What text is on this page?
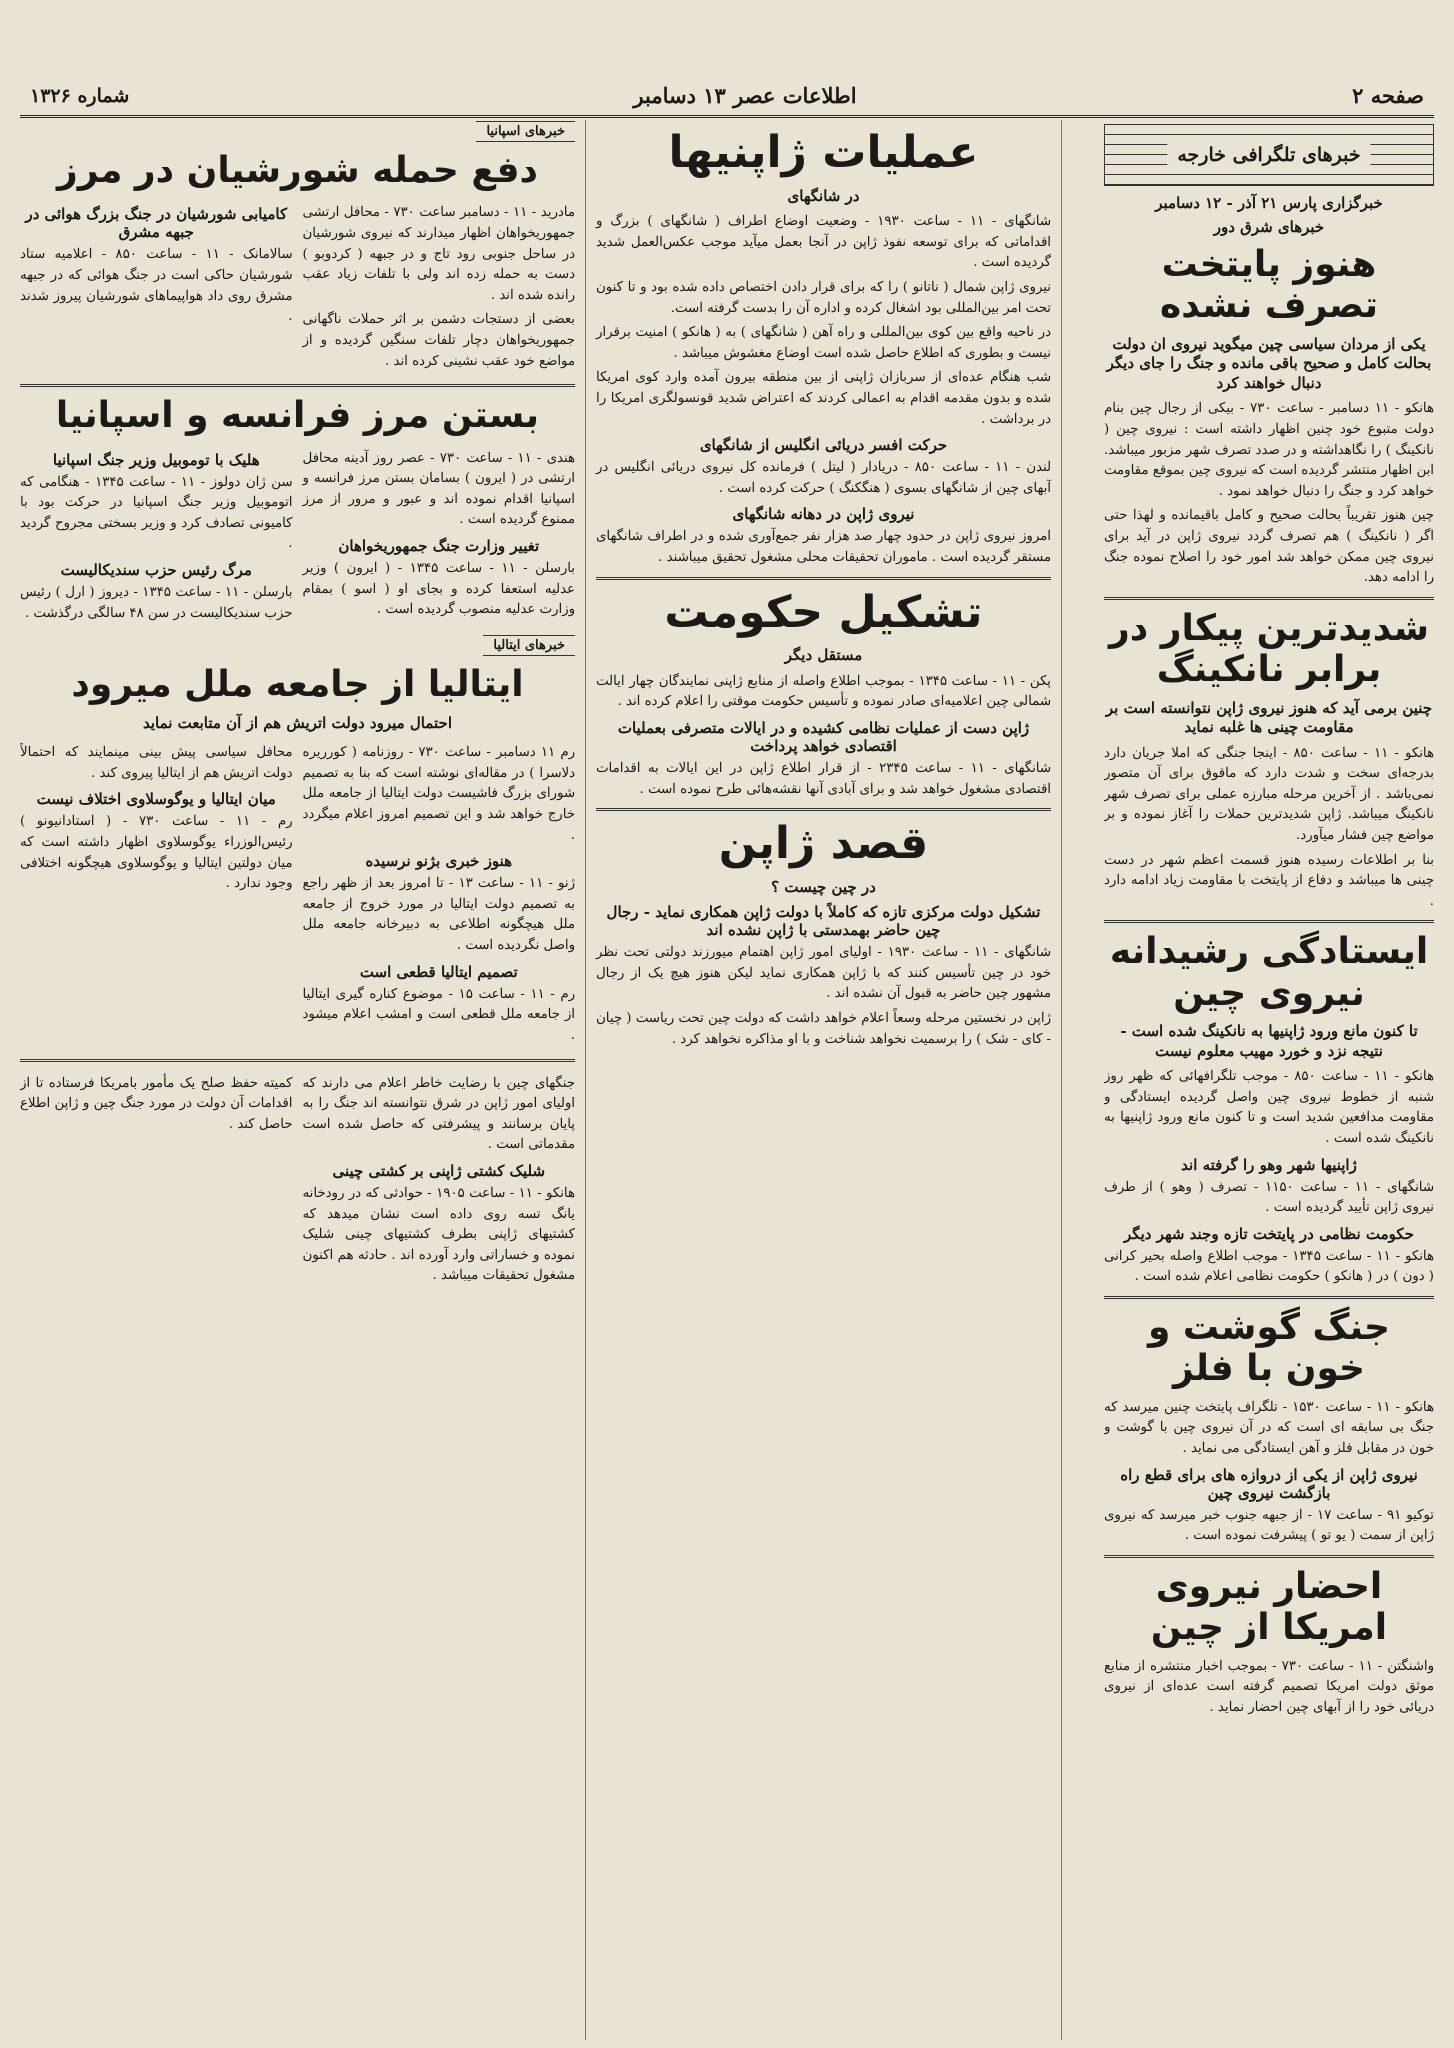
صفحه ۲
اطلاعات عصر ۱۳ دسامبر
شماره ۱۳۲۶
خبرهای تلگرافی خارجه
خبرگزاری پارس ۲۱ آذر - ۱۲ دسامبر
خبرهای شرق دور
هنوز پایتخت تصرف نشده
یکی از مردان سیاسی چین میگوید نیروی ان دولت بحالت کامل و صحیح باقی مانده و جنگ را جای دیگر دنبال خواهند کرد

هانکو - ۱۱ دسامبر - ساعت ۷۳۰ - بیکی از رجال چین بنام دولت متبوع خود چنین اظهار داشته است : نیروی چین ( نانکینگ ) را نگاهداشته و در صدد تصرف شهر مزبور میباشد. ابن اظهار منتشر گردیده است که نیروی چین بموقع مقاومت خواهد کرد و جنگ را دنبال خواهد نمود .

چین هنوز تقریباً بحالت صحیح و کامل باقیمانده و لهذا حتی اگر ( نانکینگ ) هم تصرف گردد نیروی ژاپن در آید برای نیروی چین ممکن خواهد شد امور خود را اصلاح نموده جنگ را ادامه دهد.

شدیدترین پیکار در برابر نانکینگ
چنین برمی آید که هنوز نیروی ژاپن نتوانسته است بر مقاومت چینی ها غلبه نماید

هانکو - ۱۱ - ساعت ۸۵۰ - اینجا جنگی که املا جریان دارد بدرجه‌ای سخت و شدت دارد که ماقوق برای آن متصور نمی‌باشد . از آخرین مرحله مبارزه عملی برای تصرف شهر نانکینگ میباشد. ژاپن شدیدترین حملات را آغاز نموده و بر مواضع چین فشار میآورد.

بنا بر اطلاعات رسیده هنوز قسمت اعظم شهر در دست چینی ها میباشد و دفاع از پایتخت با مقاومت زیاد ادامه دارد .

ایستادگی رشیدانه نیروی چین
تا کنون مانع ورود ژاپنیها به نانکینگ شده است - نتیجه نزد و خورد مهیب معلوم نیست

هانکو - ۱۱ - ساعت ۸۵۰ - موجب تلگرافهائی که ظهر روز شنبه از خطوط نیروی چین واصل گردیده ایستادگی و مقاومت مدافعین شدید است و تا کنون مانع ورود ژاپنیها به نانکینگ شده است .

ژاپنیها شهر وهو را گرفته اند

شانگهای - ۱۱ - ساعت ۱۱۵۰ - تصرف ( وهو ) از طرف نیروی ژاپن تأیید گردیده است .

حکومت نظامی در پایتخت تازه وجند شهر دیگر

هانکو - ۱۱ - ساعت ۱۳۴۵ - موجب اطلاع واصله بحیر کرانی ( دون ) در ( هانکو ) حکومت نظامی اعلام شده است .

جنگ گوشت و خون با فلز

هانکو - ۱۱ - ساعت ۱۵۳۰ - تلگراف پایتخت چنین میرسد که جنگ بی سابقه ای است که در آن نیروی چین با گوشت و خون در مقابل فلز و آهن ایستادگی می نماید .

نیروی ژاپن از یکی از دروازه های برای قطع راه بازگشت نیروی چین

توکیو ۹۱ - ساعت ۱۷ - از جبهه جنوب خبر میرسد که نیروی ژاپن از سمت ( یو تو ) پیشرفت نموده است .

احضار نیروی امریکا از چین

واشنگتن - ۱۱ - ساعت ۷۳۰ - بموجب اخبار منتشره از منابع موثق دولت امریکا تصمیم گرفته است عده‌ای از نیروی دریائی خود را از آبهای چین احضار نماید .

عملیات ژاپنیها
در شانگهای

شانگهای - ۱۱ - ساعت ۱۹۳۰ - وضعیت اوضاع اطراف ( شانگهای ) بزرگ و اقداماتی که برای توسعه نفوذ ژاپن در آنجا بعمل میآید موجب عکس‌العمل شدید گردیده است .

نیروی ژاپن شمال ( ناتانو ) را که برای قرار دادن اختصاص داده شده بود و تا کنون تحت امر بین‌المللی بود اشغال کرده و اداره آن را بدست گرفته است.

در ناحیه واقع بین کوی بین‌المللی و راه آهن ( شانگهای ) به ( هانکو ) امنیت برقرار نیست و بطوری که اطلاع حاصل شده است اوضاع مغشوش میباشد .

شب هنگام عده‌ای از سربازان ژاپنی از بین منطقه بیرون آمده وارد کوی امریکا شده و بدون مقدمه اقدام به اعمالی کردند که اعتراض شدید قونسولگری امریکا را در برداشت .

حرکت افسر دریائی انگلیس از شانگهای

لندن - ۱۱ - ساعت ۸۵۰ - دریادار ( لیتل ) فرمانده کل نیروی دریائی انگلیس در آبهای چین از شانگهای بسوی ( هنگکنگ ) حرکت کرده است .

نیروی ژاپن در دهانه شانگهای

امروز نیروی ژاپن در حدود چهار صد هزار نفر جمع‌آوری شده و در اطراف شانگهای مستقر گردیده است . ماموران تحقیقات محلی مشغول تحقیق میباشند .

تشکیل حکومت
مستقل دیگر

پکن - ۱۱ - ساعت ۱۳۴۵ - بموجب اطلاع واصله از منابع ژاپنی نمایندگان چهار ایالت شمالی چین اعلامیه‌ای صادر نموده و تأسیس حکومت موقتی را اعلام کرده اند .

ژاپن دست از عملیات نظامی کشیده و در ایالات متصرفی بعملیات اقتصادی خواهد پرداخت

شانگهای - ۱۱ - ساعت ۲۳۴۵ - از قرار اطلاع ژاپن در این ایالات به اقدامات اقتصادی مشغول خواهد شد و برای آبادی آنها نقشه‌هائی طرح نموده است .

قصد ژاپن
در چین چیست ؟
تشکیل دولت مرکزی تازه که کاملاً با دولت ژاپن همکاری نماید - رجال چین حاضر بهمدستی با ژاپن نشده اند

شانگهای - ۱۱ - ساعت ۱۹۳۰ - اولیای امور ژاپن اهتمام میورزند دولتی تحت نظر خود در چین تأسیس کنند که با ژاپن همکاری نماید لیکن هنوز هیچ یک از رجال مشهور چین حاضر به قبول آن نشده اند .

ژاپن در نخستین مرحله وسعاً اعلام خواهد داشت که دولت چین تحت ریاست ( چیان - کای - شک ) را برسمیت نخواهد شناخت و با او مذاکره نخواهد کرد .

خبرهای اسپانیا
دفع حمله شورشیان در مرز

مادرید - ۱۱ - دسامبر ساعت ۷۳۰ - محافل ارتشی جمهوریخواهان اظهار میدارند که نیروی شورشیان در ساحل جنوبی رود تاج و در جبهه ( کردوبو ) دست به حمله زده اند ولی با تلفات زیاد عقب رانده شده اند .

بعضی از دستجات دشمن بر اثر حملات ناگهانی جمهوریخواهان دچار تلفات سنگین گردیده و از مواضع خود عقب نشینی کرده اند .

کامیابی شورشیان در جنگ بزرگ هوائی در جبهه مشرق

سالامانک - ۱۱ - ساعت ۸۵۰ - اعلامیه ستاد شورشیان حاکی است در جنگ هوائی که در جبهه مشرق روی داد هواپیماهای شورشیان پیروز شدند .

بستن مرز فرانسه و اسپانیا

هندی - ۱۱ - ساعت ۷۳۰ - عصر روز آدینه محافل ارتشی در ( ایرون ) بسامان بستن مرز فرانسه و اسپانیا اقدام نموده اند و عبور و مرور از مرز ممنوع گردیده است .

تغییر وزارت جنگ جمهوریخواهان

بارسلن - ۱۱ - ساعت ۱۳۴۵ - ( ایرون ) وزیر عدلیه استعفا کرده و بجای او ( اسو ) بمقام وزارت عدلیه منصوب گردیده است .

هلیک با توموبیل وزیر جنگ اسپانیا

سن ژان دولوز - ۱۱ - ساعت ۱۳۴۵ - هنگامی که اتوموبیل وزیر جنگ اسپانیا در حرکت بود با کامیونی تصادف کرد و وزیر بسختی مجروح گردید .

مرگ رئیس حزب سندیکالیست

بارسلن - ۱۱ - ساعت ۱۳۴۵ - دیروز ( ارل ) رئیس حزب سندیکالیست در سن ۴۸ سالگی درگذشت .

خبرهای ایتالیا
ایتالیا از جامعه ملل میرود
احتمال میرود دولت اتریش هم از آن متابعت نماید

رم ۱۱ دسامبر - ساعت ۷۳۰ - روزنامه ( کورریره دلاسرا ) در مقاله‌ای نوشته است که بنا به تصمیم شورای بزرگ فاشیست دولت ایتالیا از جامعه ملل خارج خواهد شد و این تصمیم امروز اعلام میگردد .

هنوز خبری بژنو نرسیده

ژنو - ۱۱ - ساعت ۱۳ - تا امروز بعد از ظهر راجع به تصمیم دولت ایتالیا در مورد خروج از جامعه ملل هیچگونه اطلاعی به دبیرخانه جامعه ملل واصل نگردیده است .

تصمیم ایتالیا قطعی است

رم - ۱۱ - ساعت ۱۵ - موضوع کناره گیری ایتالیا از جامعه ملل قطعی است و امشب اعلام میشود .

محافل سیاسی پیش بینی مینمایند که احتمالاً دولت اتریش هم از ایتالیا پیروی کند .

میان ایتالیا و یوگوسلاوی اختلاف نیست

رم - ۱۱ - ساعت ۷۳۰ - ( استادانیونو ) رئیس‌الوزراء یوگوسلاوی اظهار داشته است که میان دولتین ایتالیا و یوگوسلاوی هیچگونه اختلافی وجود ندارد .

جنگهای چین با رضایت خاطر اعلام می دارند که اولیای امور ژاپن در شرق نتوانسته اند جنگ را به پایان برسانند و پیشرفتی که حاصل شده است مقدماتی است .

شلیک کشتی ژاپنی بر کشتی چینی

هانکو - ۱۱ - ساعت ۱۹۰۵ - حوادثی که در رودخانه یانگ تسه روی داده است نشان میدهد که کشتیهای ژاپنی بطرف کشتیهای چینی شلیک نموده و خساراتی وارد آورده اند . حادثه هم اکنون مشغول تحقیقات میباشد .

کمیته حفظ صلح یک مأمور بامریکا فرستاده تا از اقدامات آن دولت در مورد جنگ چین و ژاپن اطلاع حاصل کند .
